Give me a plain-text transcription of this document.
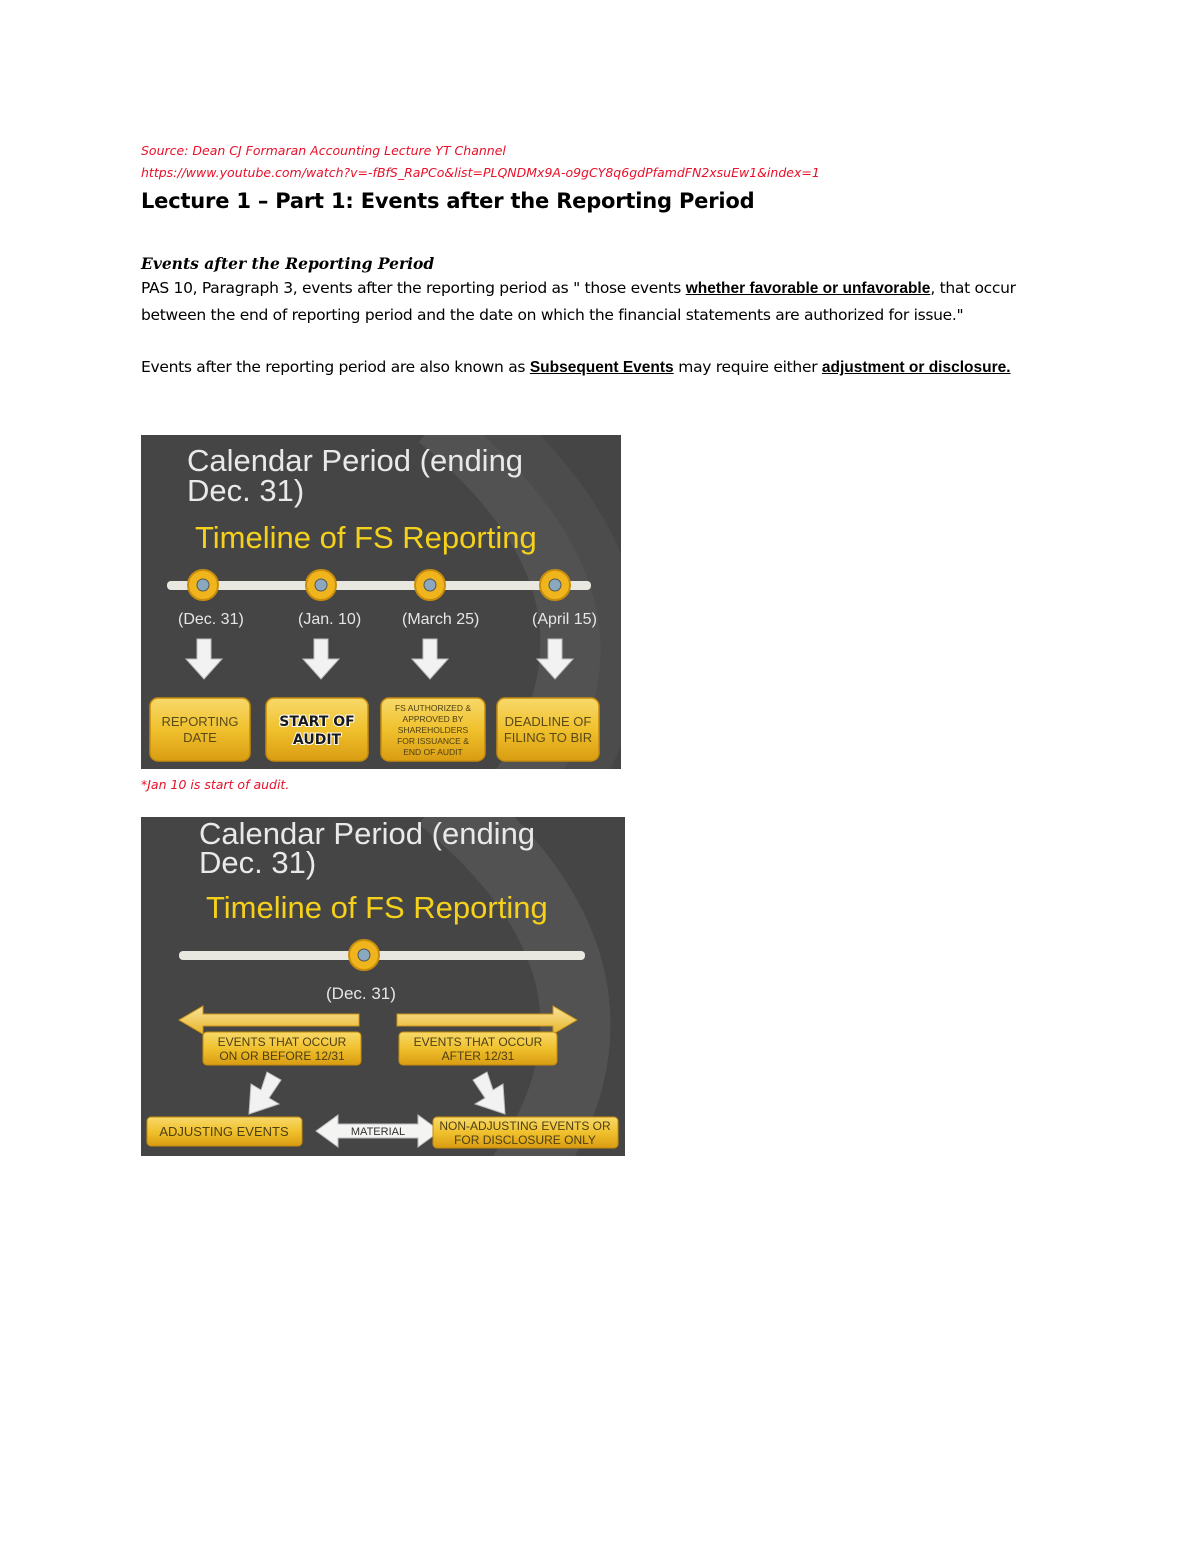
Source: Dean CJ Formaran Accounting Lecture YT Channel
https://www.youtube.com/watch?v=-fBfS_RaPCo&list=PLQNDMx9A-o9gCY8q6gdPfamdFN2xsuEw1&index=1
Lecture 1 – Part 1: Events after the Reporting Period
Events after the Reporting Period
PAS 10, Paragraph 3, events after the reporting period as " those events whether favorable or unfavorable, that occur
between the end of reporting period and the date on which the financial statements are authorized for issue."
Events after the reporting period are also known as Subsequent Events may require either adjustment or disclosure.
Calendar Period (ending
Dec. 31)
Timeline of FS Reporting
(Dec. 31)	(Jan. 10)	(March 25)	(April 15)
REPORTING
DATE
START OF
AUDIT
FS AUTHORIZED &
APPROVED BY
SHAREHOLDERS
FOR ISSUANCE &
END OF AUDIT
DEADLINE OF
FILING TO BIR
*Jan 10 is start of audit.
Calendar Period (ending
Dec. 31)
Timeline of FS Reporting
(Dec. 31)
EVENTS THAT OCCUR
ON OR BEFORE 12/31
EVENTS THAT OCCUR
AFTER 12/31
ADJUSTING EVENTS	MATERIAL	NON-ADJUSTING EVENTS OR
FOR DISCLOSURE ONLY
